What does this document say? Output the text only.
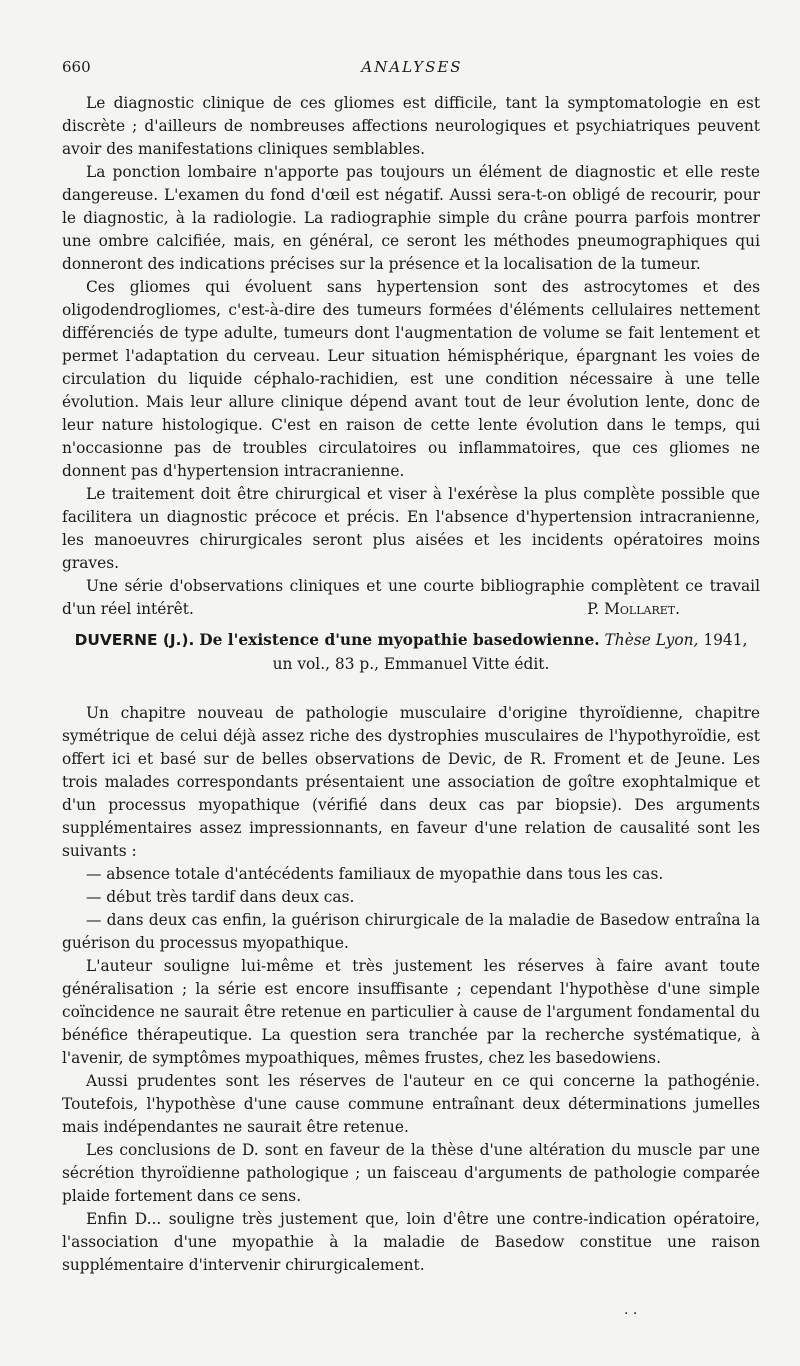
660	ANALYSES

Le diagnostic clinique de ces gliomes est difficile, tant la symptomatologie en est discrète ; d'ailleurs de nombreuses affections neurologiques et psychiatriques peuvent avoir des manifestations cliniques semblables.

La ponction lombaire n'apporte pas toujours un élément de diagnostic et elle reste dangereuse. L'examen du fond d'œil est négatif. Aussi sera-t-on obligé de recourir, pour le diagnostic, à la radiologie. La radiographie simple du crâne pourra parfois montrer une ombre calcifiée, mais, en général, ce seront les méthodes pneumographiques qui donneront des indications précises sur la présence et la localisation de la tumeur.

Ces gliomes qui évoluent sans hypertension sont des astrocytomes et des oligodendrogliomes, c'est-à-dire des tumeurs formées d'éléments cellulaires nettement différenciés de type adulte, tumeurs dont l'augmentation de volume se fait lentement et permet l'adaptation du cerveau. Leur situation hémisphérique, épargnant les voies de circulation du liquide céphalo-rachidien, est une condition nécessaire à une telle évolution. Mais leur allure clinique dépend avant tout de leur évolution lente, donc de leur nature histologique. C'est en raison de cette lente évolution dans le temps, qui n'occasionne pas de troubles circulatoires ou inflammatoires, que ces gliomes ne donnent pas d'hypertension intracranienne.

Le traitement doit être chirurgical et viser à l'exérèse la plus complète possible que facilitera un diagnostic précoce et précis. En l'absence d'hypertension intracranienne, les manoeuvres chirurgicales seront plus aisées et les incidents opératoires moins graves.

Une série d'observations cliniques et une courte bibliographie complètent ce travail d'un réel intérêt.	P. Mollaret.

DUVERNE (J.). De l'existence d'une myopathie basedowienne. Thèse Lyon, 1941,
un vol., 83 p., Emmanuel Vitte édit.

Un chapitre nouveau de pathologie musculaire d'origine thyroïdienne, chapitre symétrique de celui déjà assez riche des dystrophies musculaires de l'hypothyroïdie, est offert ici et basé sur de belles observations de Devic, de R. Froment et de Jeune. Les trois malades correspondants présentaient une association de goître exophtalmique et d'un processus myopathique (vérifié dans deux cas par biopsie). Des arguments supplémentaires assez impressionnants, en faveur d'une relation de causalité sont les suivants :

— absence totale d'antécédents familiaux de myopathie dans tous les cas.
— début très tardif dans deux cas.
— dans deux cas enfin, la guérison chirurgicale de la maladie de Basedow entraîna la guérison du processus myopathique.

L'auteur souligne lui-même et très justement les réserves à faire avant toute généralisation ; la série est encore insuffisante ; cependant l'hypothèse d'une simple coïncidence ne saurait être retenue en particulier à cause de l'argument fondamental du bénéfice thérapeutique. La question sera tranchée par la recherche systématique, à l'avenir, de symptômes mypoathiques, mêmes frustes, chez les basedowiens.

Aussi prudentes sont les réserves de l'auteur en ce qui concerne la pathogénie. Toutefois, l'hypothèse d'une cause commune entraînant deux déterminations jumelles mais indépendantes ne saurait être retenue.

Les conclusions de D. sont en faveur de la thèse d'une altération du muscle par une sécrétion thyroïdienne pathologique ; un faisceau d'arguments de pathologie comparée plaide fortement dans ce sens.

Enfin D... souligne très justement que, loin d'être une contre-indication opératoire, l'association d'une myopathie à la maladie de Basedow constitue une raison supplémentaire d'intervenir chirurgicalement.

· ·
